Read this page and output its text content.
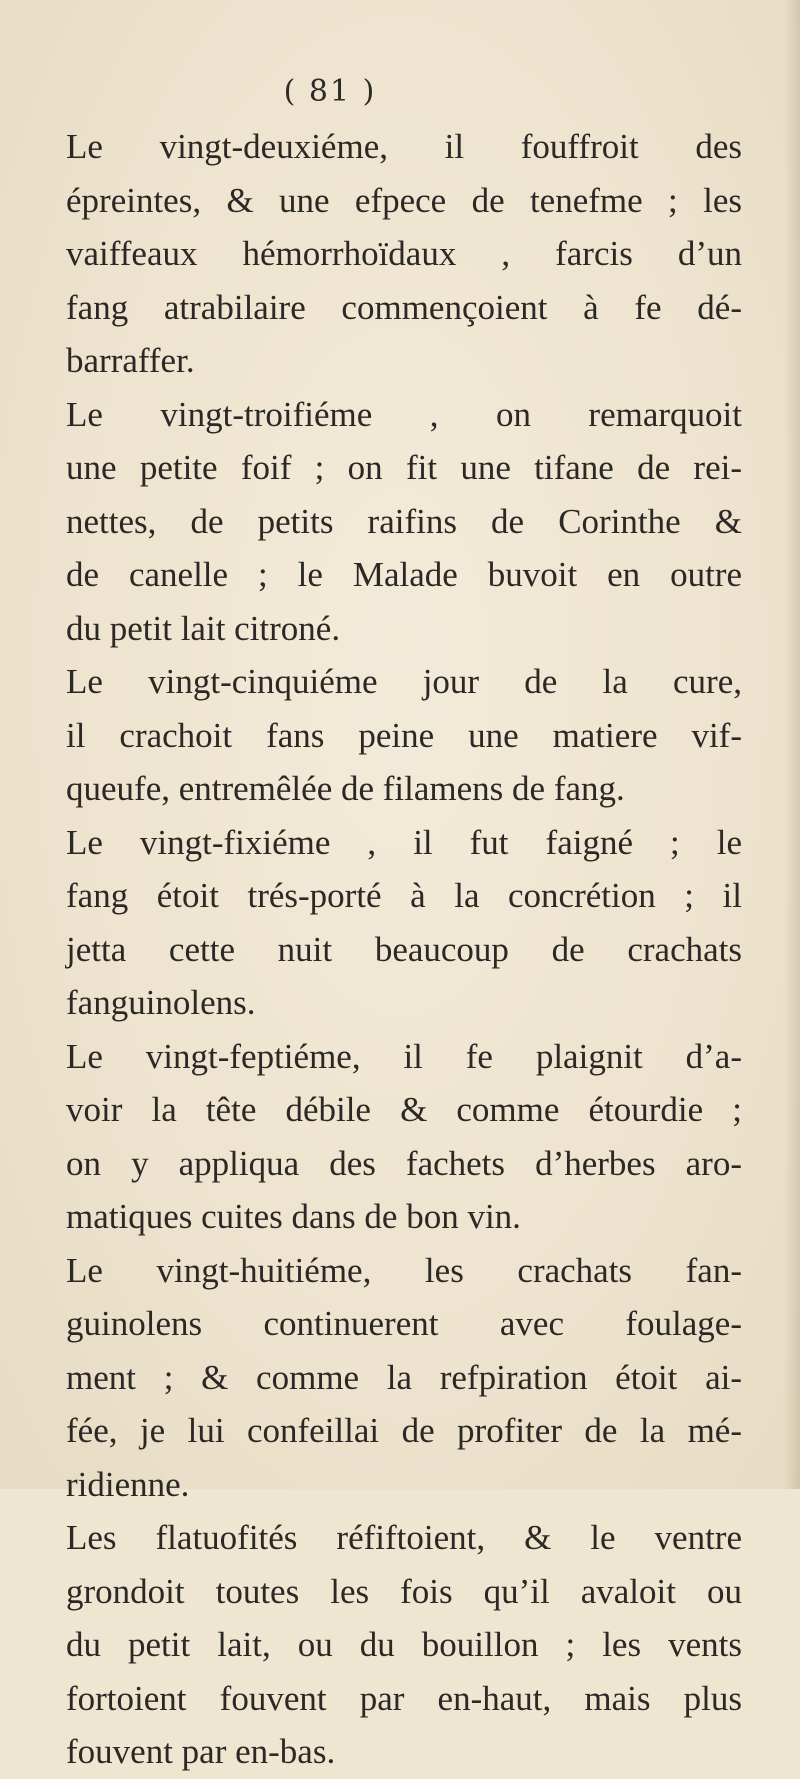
( 81 )

Le vingt-deuxiéme, il fouffroit des
épreintes, & une efpece de tenefme ; les
vaiffeaux hémorrhoïdaux , farcis d’un
fang atrabilaire commençoient à fe dé-
barraffer.

Le vingt-troifiéme , on remarquoit
une petite foif ; on fit une tifane de rei-
nettes, de petits raifins de Corinthe &
de canelle ; le Malade buvoit en outre
du petit lait citroné.

Le vingt-cinquiéme jour de la cure,
il crachoit fans peine une matiere vif-
queufe, entremêlée de filamens de fang.

Le vingt-fixiéme , il fut faigné ; le
fang étoit trés-porté à la concrétion ; il
jetta cette nuit beaucoup de crachats
fanguinolens.

Le vingt-feptiéme, il fe plaignit d’a-
voir la tête débile & comme étourdie ;
on y appliqua des fachets d’herbes aro-
matiques cuites dans de bon vin.

Le vingt-huitiéme, les crachats fan-
guinolens continuerent avec foulage-
ment ; & comme la refpiration étoit ai-
fée, je lui confeillai de profiter de la mé-
ridienne.

Les flatuofités réfiftoient, & le ventre
grondoit toutes les fois qu’il avaloit ou
du petit lait, ou du bouillon ; les vents
fortoient fouvent par en-haut, mais plus
fouvent par en-bas.
